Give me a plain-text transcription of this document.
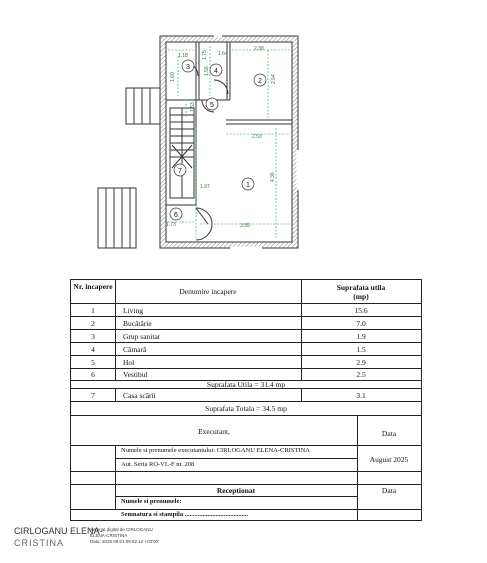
1
2
3
4
5
6
7
1.18
2.38
1.60
1.56
2.94
2.53
4.36
1.97
3.55
1.73
1.53
1.75 1.64
Nr. incapere
Denumire incapere	Suprafata utila (mp)
1	Living	15.6
2	Bucătărie	7.0
3	Grup sanitar	1.9
4	Cămară	1.5
5	Hol	2.9
6	Vestibul	2.5
Suprafata Utila = 31.4 mp
7	Casa scării	3.1
Suprafata Totala = 34.5 mp
Executant,	Data
Numele si prenumele executantului: CIRLOGANU ELENA-CRISTINA
Aut. Seria RO-VL-F nr. 208
August 2025
Receptionat	Data
Numele si prenumele:
Semnatura si stampila .......................................
CIRLOGANU ELENA-
CRISTINA
Semnat digital de CIRLOGANU
ELENA-CRISTINA
Data: 2025.08.01 09:52:12 +03'00'
